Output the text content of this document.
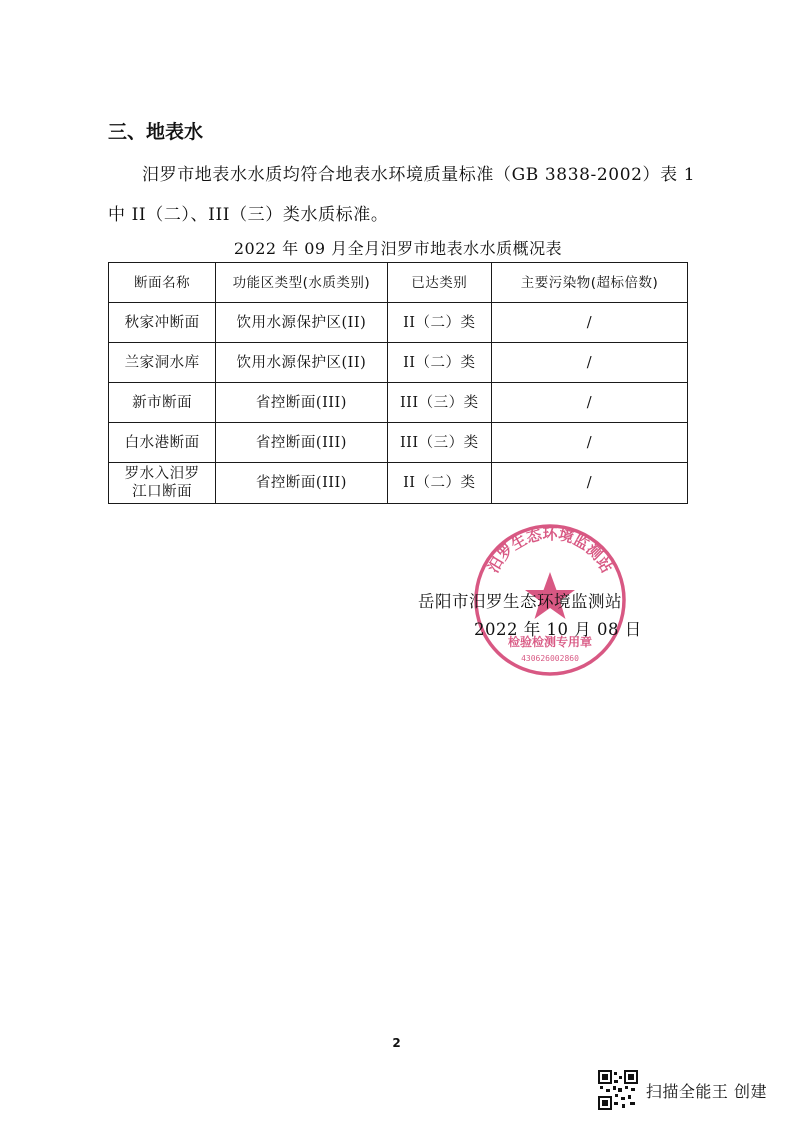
三、地表水
汨罗市地表水水质均符合地表水环境质量标准（GB 3838-2002）表 1
中 II（二）、III（三）类水质标准。
2022 年 09 月全月汨罗市地表水水质概况表
断面名称	功能区类型(水质类别)	已达类别	主要污染物(超标倍数)
秋家冲断面	饮用水源保护区(II)	II（二）类	/
兰家洞水库	饮用水源保护区(II)	II（二）类	/
新市断面	省控断面(III)	III（三）类	/
白水港断面	省控断面(III)	III（三）类	/
罗水入汨罗江口断面	省控断面(III)	II（二）类	/
汨罗生态环境监测站
检验检测专用章
430626002860
岳阳市汨罗生态环境监测站
2022 年 10 月 08 日
2
扫描全能王 创建
